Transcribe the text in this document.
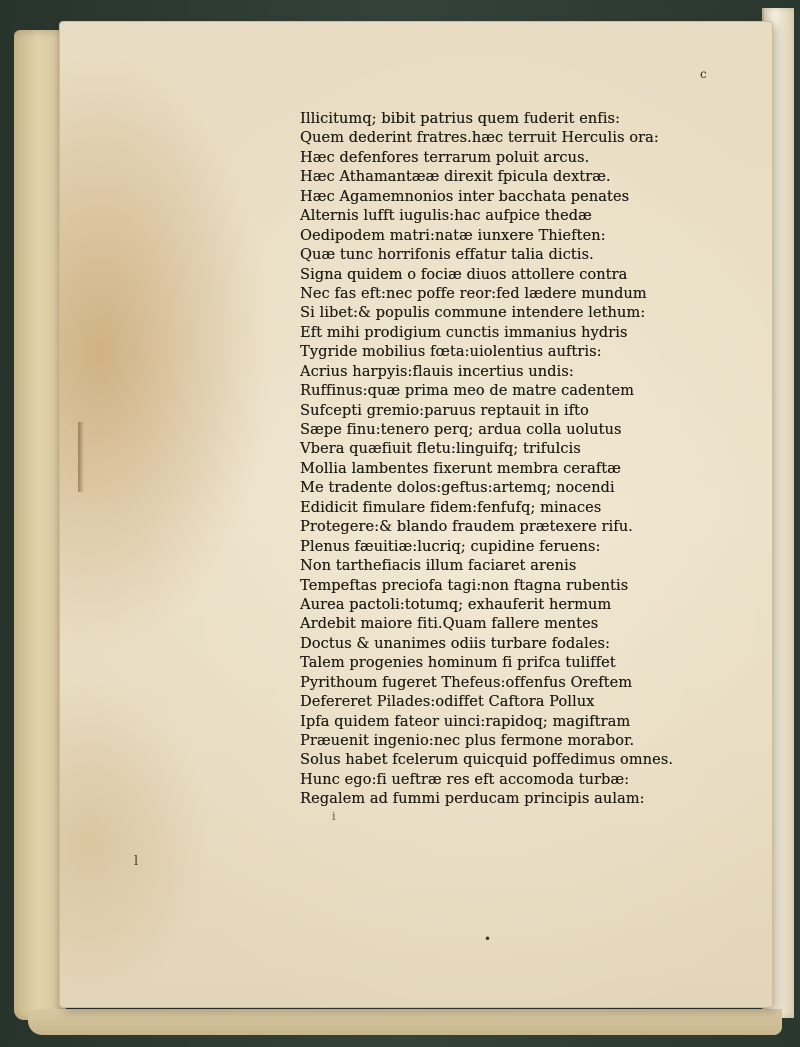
c
l
i
•
Illicitumq; bibit patrius quem fuderit enfis:
Quem dederint fratres.hæc terruit Herculis ora:
Hæc defenfores terrarum poluit arcus.
Hæc Athamantææ direxit fpicula dextræ.
Hæc Agamemnonios inter bacchata penates
Alternis lufft iugulis:hac aufpice thedæ
Oedipodem matri:natæ iunxere Thieften:
Quæ tunc horrifonis effatur talia dictis.
Signa quidem o fociæ diuos attollere contra
Nec fas eft:nec poffe reor:fed lædere mundum
Si libet:& populis commune intendere lethum:
Eft mihi prodigium cunctis immanius hydris
Tygride mobilius fœta:uiolentius auftris:
Acrius harpyis:flauis incertius undis:
Ruffinus:quæ prima meo de matre cadentem
Sufcepti gremio:paruus reptauit in ifto
Sæpe finu:tenero perq; ardua colla uolutus
Vbera quæfiuit fletu:linguifq; trifulcis
Mollia lambentes fixerunt membra ceraftæ
Me tradente dolos:geftus:artemq; nocendi
Edidicit fimulare fidem:fenfufq; minaces
Protegere:& blando fraudem prætexere rifu.
Plenus fæuitiæ:lucriq; cupidine feruens:
Non tarthefiacis illum faciaret arenis
Tempeftas preciofa tagi:non ftagna rubentis
Aurea pactoli:totumq; exhauferit hermum
Ardebit maiore fiti.Quam fallere mentes
Doctus & unanimes odiis turbare fodales:
Talem progenies hominum fi prifca tuliffet
Pyrithoum fugeret Thefeus:offenfus Oreftem
Defereret Pilades:odiffet Caftora Pollux
Ipfa quidem fateor uinci:rapidoq; magiftram
Præuenit ingenio:nec plus fermone morabor.
Solus habet fcelerum quicquid poffedimus omnes.
Hunc ego:fi ueftræ res eft accomoda turbæ:
Regalem ad fummi perducam principis aulam:
